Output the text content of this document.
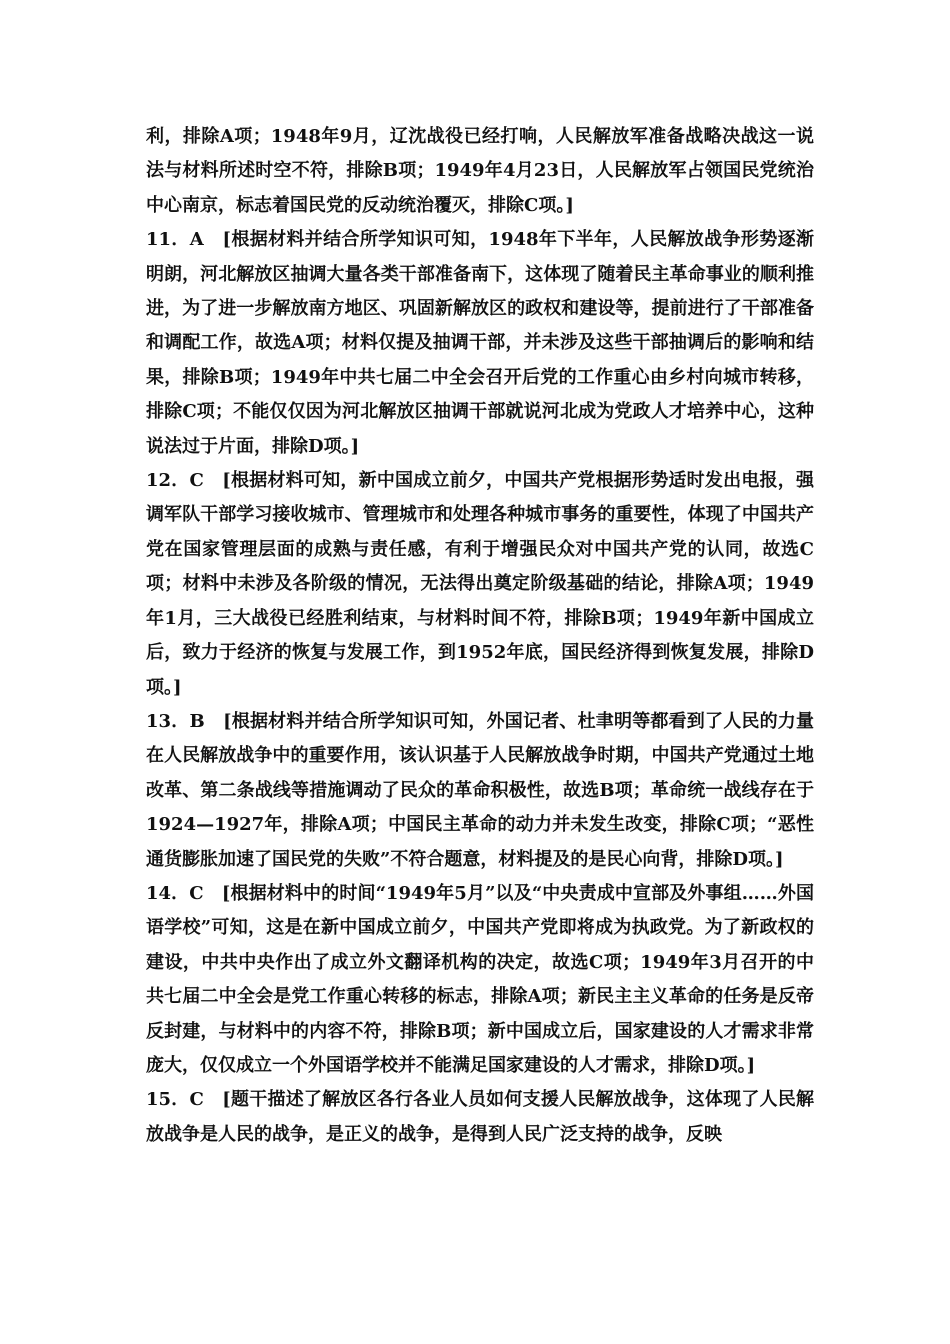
利，排除A项；1948年9月，辽沈战役已经打响，人民解放军准备战略决战这一说法与材料所述时空不符，排除B项；1949年4月23日，人民解放军占领国民党统治中心南京，标志着国民党的反动统治覆灭，排除C项。]

11．A　[根据材料并结合所学知识可知，1948年下半年，人民解放战争形势逐渐明朗，河北解放区抽调大量各类干部准备南下，这体现了随着民主革命事业的顺利推进，为了进一步解放南方地区、巩固新解放区的政权和建设等，提前进行了干部准备和调配工作，故选A项；材料仅提及抽调干部，并未涉及这些干部抽调后的影响和结果，排除B项；1949年中共七届二中全会召开后党的工作重心由乡村向城市转移，排除C项；不能仅仅因为河北解放区抽调干部就说河北成为党政人才培养中心，这种说法过于片面，排除D项。]

12．C　[根据材料可知，新中国成立前夕，中国共产党根据形势适时发出电报，强调军队干部学习接收城市、管理城市和处理各种城市事务的重要性，体现了中国共产党在国家管理层面的成熟与责任感，有利于增强民众对中国共产党的认同，故选C项；材料中未涉及各阶级的情况，无法得出奠定阶级基础的结论，排除A项；1949年1月，三大战役已经胜利结束，与材料时间不符，排除B项；1949年新中国成立后，致力于经济的恢复与发展工作，到1952年底，国民经济得到恢复发展，排除D项。]

13．B　[根据材料并结合所学知识可知，外国记者、杜聿明等都看到了人民的力量在人民解放战争中的重要作用，该认识基于人民解放战争时期，中国共产党通过土地改革、第二条战线等措施调动了民众的革命积极性，故选B项；革命统一战线存在于1924—1927年，排除A项；中国民主革命的动力并未发生改变，排除C项；“恶性通货膨胀加速了国民党的失败”不符合题意，材料提及的是民心向背，排除D项。]

14．C　[根据材料中的时间“1949年5月”以及“中央责成中宣部及外事组……外国语学校”可知，这是在新中国成立前夕，中国共产党即将成为执政党。为了新政权的建设，中共中央作出了成立外文翻译机构的决定，故选C项；1949年3月召开的中共七届二中全会是党工作重心转移的标志，排除A项；新民主主义革命的任务是反帝反封建，与材料中的内容不符，排除B项；新中国成立后，国家建设的人才需求非常庞大，仅仅成立一个外国语学校并不能满足国家建设的人才需求，排除D项。]

15．C　[题干描述了解放区各行各业人员如何支援人民解放战争，这体现了人民解放战争是人民的战争，是正义的战争，是得到人民广泛支持的战争，反映
